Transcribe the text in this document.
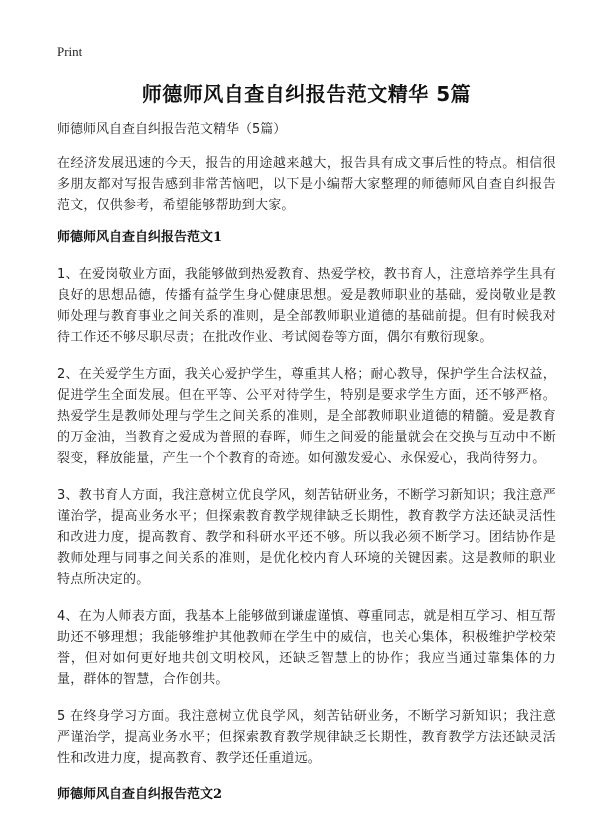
Print
师德师风自查自纠报告范文精华 5篇
师德师风自查自纠报告范文精华（5篇）

在经济发展迅速的今天，报告的用途越来越大，报告具有成文事后性的特点。相信很多朋友都对写报告感到非常苦恼吧，以下是小编帮大家整理的师德师风自查自纠报告范文，仅供参考，希望能够帮助到大家。

师德师风自查自纠报告范文1

1、在爱岗敬业方面，我能够做到热爱教育、热爱学校，教书育人，注意培养学生具有良好的思想品德，传播有益学生身心健康思想。爱是教师职业的基础，爱岗敬业是教师处理与教育事业之间关系的准则，是全部教师职业道德的基础前提。但有时候我对待工作还不够尽职尽责；在批改作业、考试阅卷等方面，偶尔有敷衍现象。

2、在关爱学生方面，我关心爱护学生，尊重其人格；耐心教导，保护学生合法权益，促进学生全面发展。但在平等、公平对待学生，特别是要求学生方面，还不够严格。热爱学生是教师处理与学生之间关系的准则，是全部教师职业道德的精髓。爱是教育的万金油，当教育之爱成为普照的春晖，师生之间爱的能量就会在交换与互动中不断裂变，释放能量，产生一个个教育的奇迹。如何激发爱心、永保爱心，我尚待努力。

3、教书育人方面，我注意树立优良学风，刻苦钻研业务，不断学习新知识；我注意严谨治学，提高业务水平；但探索教育教学规律缺乏长期性，教育教学方法还缺灵活性和改进力度，提高教育、教学和科研水平还不够。所以我必须不断学习。团结协作是教师处理与同事之间关系的准则，是优化校内育人环境的关键因素。这是教师的职业特点所决定的。

4、在为人师表方面，我基本上能够做到谦虚谨慎、尊重同志，就是相互学习、相互帮助还不够理想；我能够维护其他教师在学生中的威信，也关心集体，积极维护学校荣誉，但对如何更好地共创文明校风，还缺乏智慧上的协作；我应当通过靠集体的力量，群体的智慧，合作创共。

5 在终身学习方面。我注意树立优良学风，刻苦钻研业务，不断学习新知识；我注意严谨治学，提高业务水平；但探索教育教学规律缺乏长期性，教育教学方法还缺灵活性和改进力度，提高教育、教学还任重道远。

师德师风自查自纠报告范文2
